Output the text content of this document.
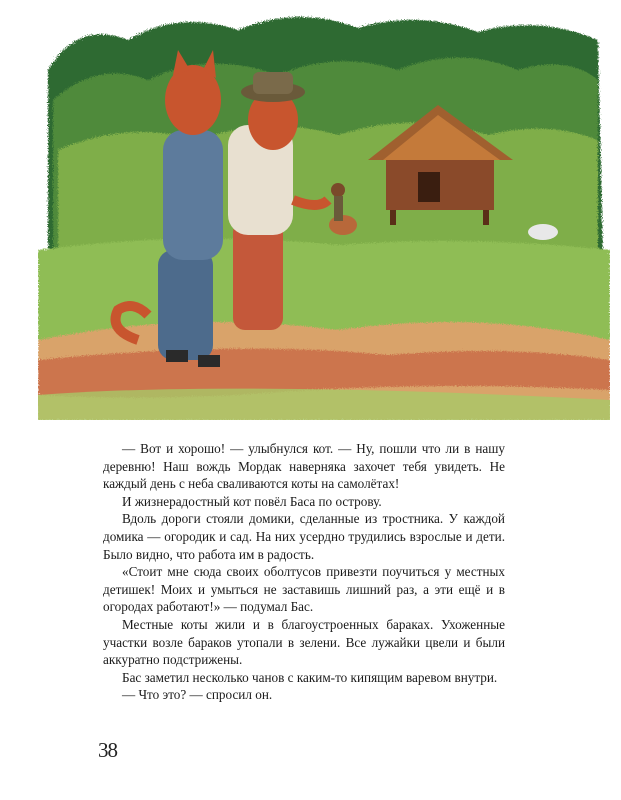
— Вот и хорошо! — улыбнулся кот. — Ну, пошли что ли в нашу деревню! Наш вождь Мордак наверняка захочет тебя увидеть. Не каждый день с неба сваливаются коты на самолётах!

И жизнерадостный кот повёл Баса по острову.

Вдоль дороги стояли домики, сделанные из тростника. У каждой домика — огородик и сад. На них усердно трудились взрослые и дети. Было видно, что работа им в радость.

«Стоит мне сюда своих оболтусов привезти поучиться у местных детишек! Моих и умыться не заставишь лишний раз, а эти ещё и в огородах работают!» — подумал Бас.

Местные коты жили и в благоустроенных бараках. Ухоженные участки возле бараков утопали в зелени. Все лужайки цвели и были аккуратно подстрижены.

Бас заметил несколько чанов с каким-то кипящим варевом внутри.

— Что это? — спросил он.

38
